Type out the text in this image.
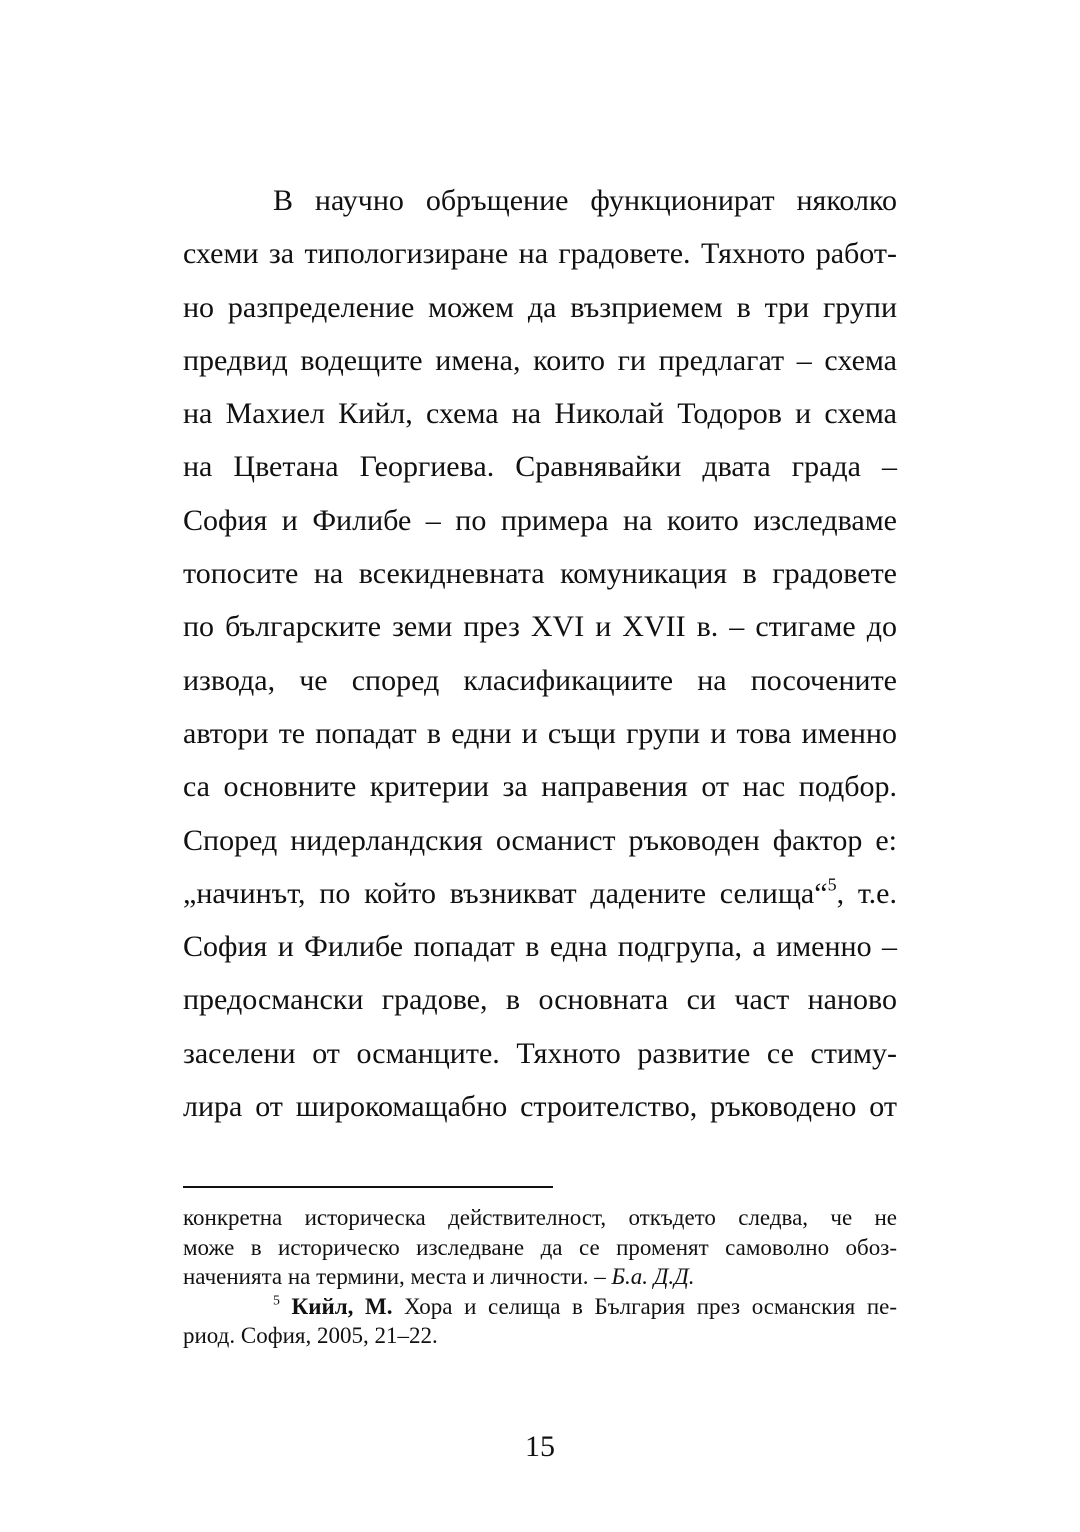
В научно обръщение функционират няколко
схеми за типологизиране на градовете. Тяхното работ-
но разпределение можем да възприемем в три групи
предвид водещите имена, които ги предлагат – схема
на Махиел Кийл, схема на Николай Тодоров и схема
на Цветана Георгиева. Сравнявайки двата града –
София и Филибе – по примера на които изследваме
топосите на всекидневната комуникация в градовете
по българските земи през XVI и XVII в. – стигаме до
извода, че според класификациите на посочените
автори те попадат в едни и същи групи и това именно
са основните критерии за направения от нас подбор.
Според нидерландския османист ръководен фактор е:
„начинът, по който възникват дадените селища“$^5$, т.е.
София и Филибе попадат в една подгрупа, а именно –
предосмански градове, в основната си част наново
заселени от османците. Тяхното развитие се стиму-
лира от широкомащабно строителство, ръководено от
конкретна историческа действителност, откъдето следва, че не
може в историческо изследване да се променят самоволно обоз-
наченията на термини, места и личности. – Б.а. Д.Д.
$^5$ Кийл, М. Хора и селища в България през османския пе-
риод. София, 2005, 21–22.
15
